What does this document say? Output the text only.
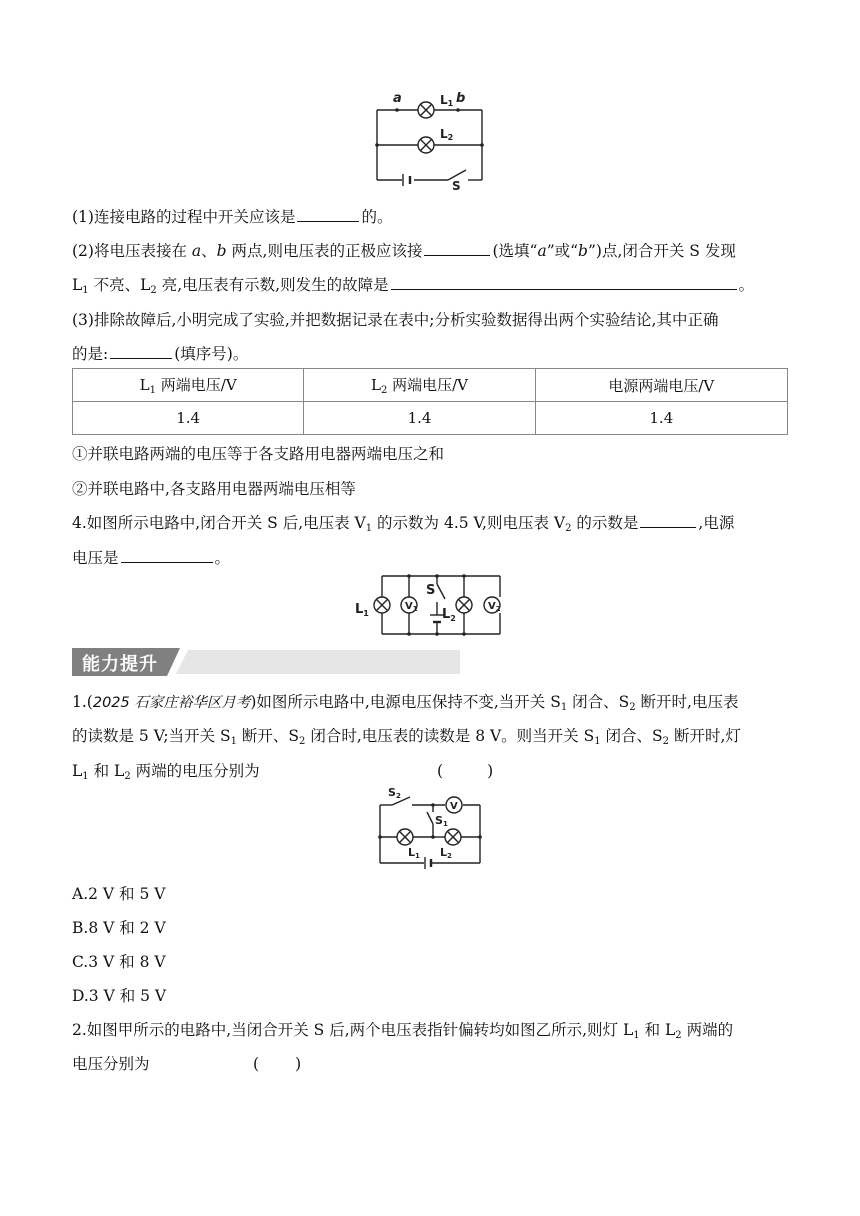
a	b
L1
L2
S
(1)连接电路的过程中开关应该是	的。
(2)将电压表接在 a、b 两点,则电压表的正极应该接	(选填“a”或“b”)点,闭合开关 S 发现
$L_1$ 不亮、$L_2$ 亮,电压表有示数,则发生的故障是	。
(3)排除故障后,小明完成了实验,并把数据记录在表中;分析实验数据得出两个实验结论,其中正确
的是:	(填序号)。
$L_1$ 两端电压/V	$L_2$ 两端电压/V	电源两端电压/V
1.4	1.4	1.4
①并联电路两端的电压等于各支路用电器两端电压之和
②并联电路中,各支路用电器两端电压相等
4.如图所示电路中,闭合开关 S 后,电压表 $V_1$ 的示数为 4.5 V,则电压表 $V_2$ 的示数是	,电源
电压是	。
$V_1$	$V_2$
S
$L_1$	$L_2$
能力提升
1.(2025 石家庄裕华区月考)如图所示电路中,电源电压保持不变,当开关 $S_1$ 闭合、$S_2$ 断开时,电压表
的读数是 5 V;当开关 $S_1$ 断开、$S_2$ 闭合时,电压表的读数是 8 V。则当开关 $S_1$ 闭合、$S_2$ 断开时,灯
$L_1$ 和 $L_2$ 两端的电压分别为	(	)
V
S2
S1
L1 L2
A.2 V 和 5 V
B.8 V 和 2 V
C.3 V 和 8 V
D.3 V 和 5 V
2.如图甲所示的电路中,当闭合开关 S 后,两个电压表指针偏转均如图乙所示,则灯 $L_1$ 和 $L_2$ 两端的
电压分别为	( )
